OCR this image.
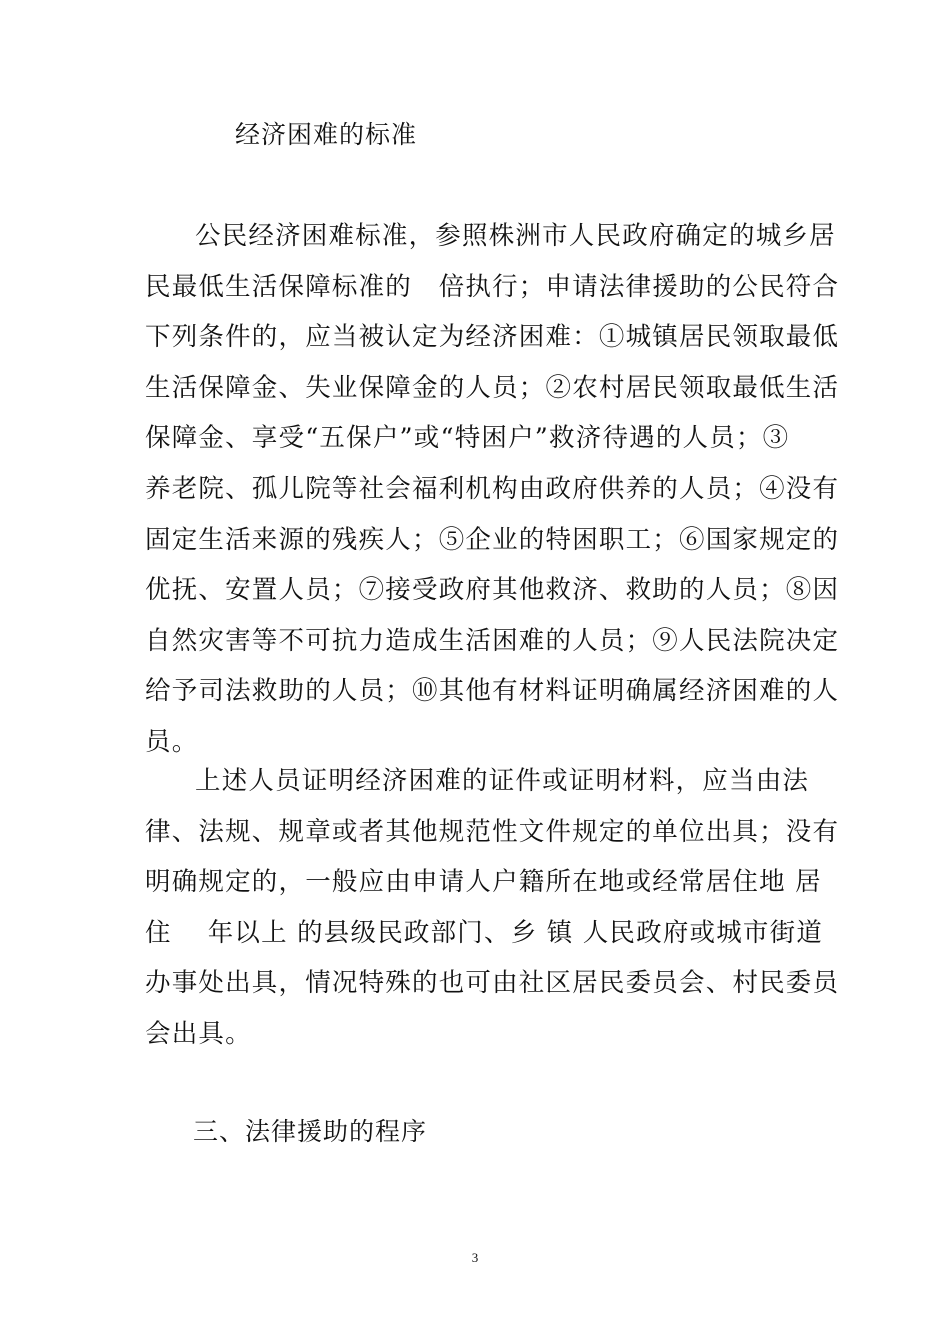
经济困难的标准
公民经济困难标准，参照株洲市人民政府确定的城乡居
民最低生活保障标准的　倍执行；申请法律援助的公民符合
下列条件的，应当被认定为经济困难：①城镇居民领取最低
生活保障金、失业保障金的人员；②农村居民领取最低生活
保障金、享受“五保户”或“特困户”救济待遇的人员；③
养老院、孤儿院等社会福利机构由政府供养的人员；④没有
固定生活来源的残疾人；⑤企业的特困职工；⑥国家规定的
优抚、安置人员；⑦接受政府其他救济、救助的人员；⑧因
自然灾害等不可抗力造成生活困难的人员；⑨人民法院决定
给予司法救助的人员；⑩其他有材料证明确属经济困难的人
员。
上述人员证明经济困难的证件或证明材料，应当由法
律、法规、规章或者其他规范性文件规定的单位出具；没有
明确规定的，一般应由申请人户籍所在地或经常居住地 居
住　 年以上 的县级民政部门、乡 镇 人民政府或城市街道
办事处出具，情况特殊的也可由社区居民委员会、村民委员
会出具。
三、法律援助的程序
3
